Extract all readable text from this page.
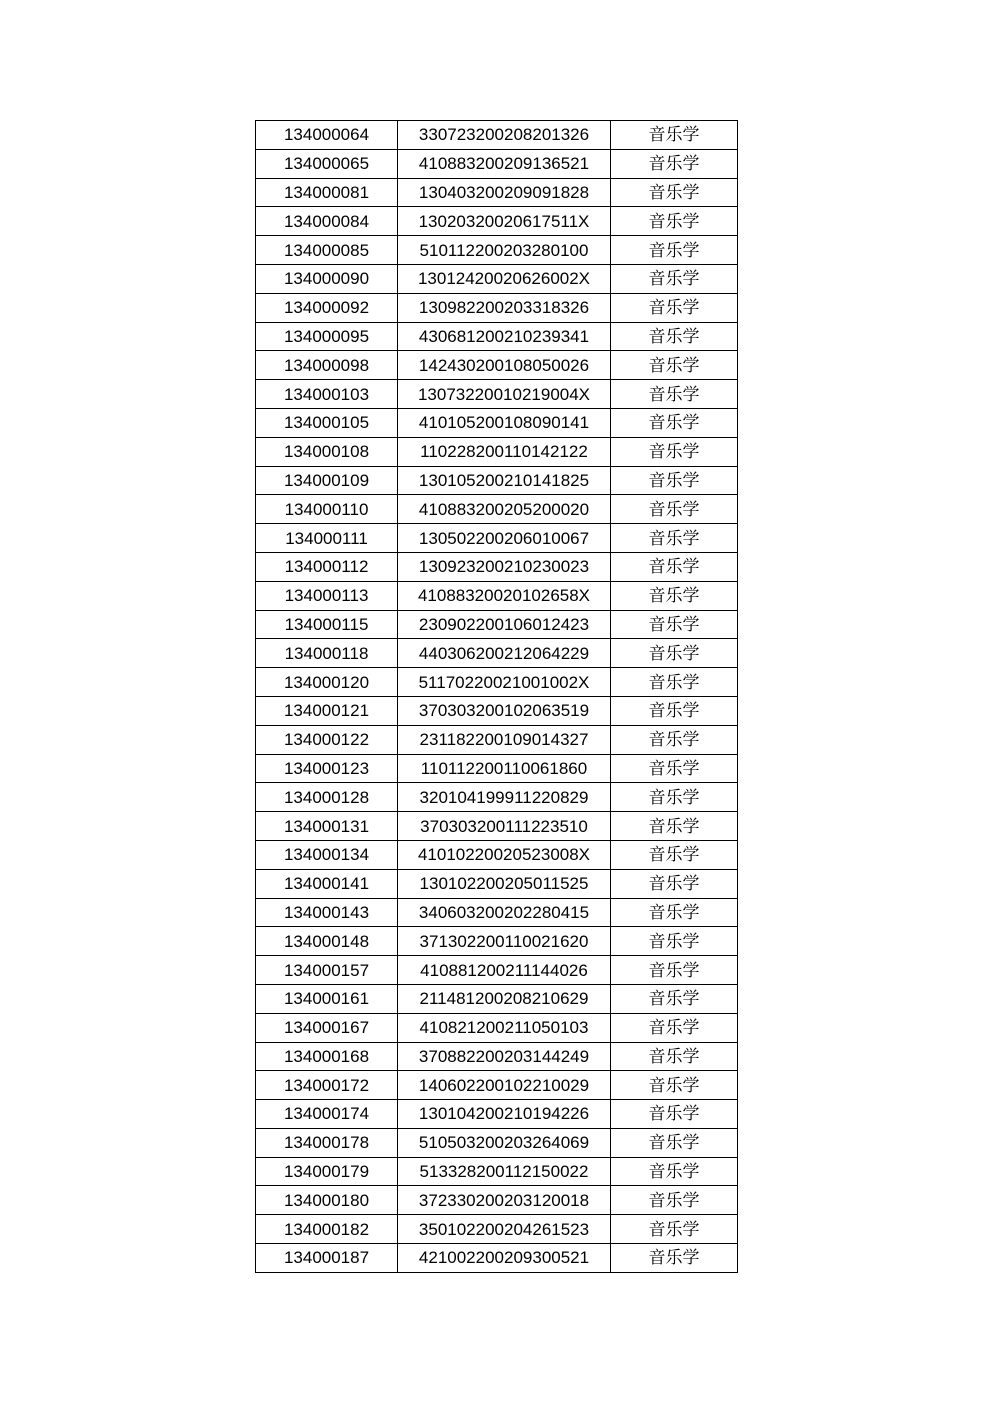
134000064	330723200208201326	音乐学
134000065	410883200209136521	音乐学
134000081	130403200209091828	音乐学
134000084	13020320020617511X	音乐学
134000085	510112200203280100	音乐学
134000090	13012420020626002X	音乐学
134000092	130982200203318326	音乐学
134000095	430681200210239341	音乐学
134000098	142430200108050026	音乐学
134000103	13073220010219004X	音乐学
134000105	410105200108090141	音乐学
134000108	110228200110142122	音乐学
134000109	130105200210141825	音乐学
134000110	410883200205200020	音乐学
134000111	130502200206010067	音乐学
134000112	130923200210230023	音乐学
134000113	41088320020102658X	音乐学
134000115	230902200106012423	音乐学
134000118	440306200212064229	音乐学
134000120	51170220021001002X	音乐学
134000121	370303200102063519	音乐学
134000122	231182200109014327	音乐学
134000123	110112200110061860	音乐学
134000128	320104199911220829	音乐学
134000131	370303200111223510	音乐学
134000134	41010220020523008X	音乐学
134000141	130102200205011525	音乐学
134000143	340603200202280415	音乐学
134000148	371302200110021620	音乐学
134000157	410881200211144026	音乐学
134000161	211481200208210629	音乐学
134000167	410821200211050103	音乐学
134000168	370882200203144249	音乐学
134000172	140602200102210029	音乐学
134000174	130104200210194226	音乐学
134000178	510503200203264069	音乐学
134000179	513328200112150022	音乐学
134000180	372330200203120018	音乐学
134000182	350102200204261523	音乐学
134000187	421002200209300521	音乐学
